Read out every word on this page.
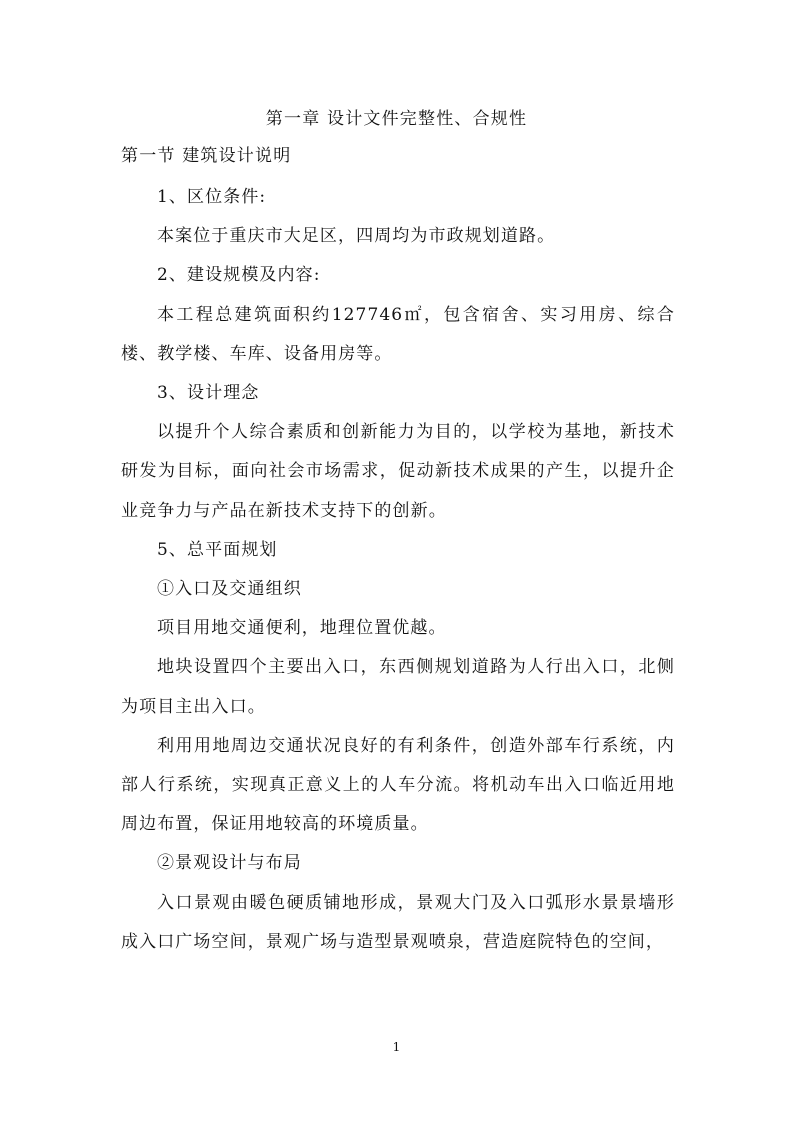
第一章 设计文件完整性、合规性
第一节 建筑设计说明

1、区位条件:

本案位于重庆市大足区，四周均为市政规划道路。

2、建设规模及内容:

本工程总建筑面积约127746㎡，包含宿舍、实习用房、综合楼、教学楼、车库、设备用房等。

3、设计理念

以提升个人综合素质和创新能力为目的，以学校为基地，新技术研发为目标，面向社会市场需求，促动新技术成果的产生，以提升企业竞争力与产品在新技术支持下的创新。

5、总平面规划

①入口及交通组织

项目用地交通便利，地理位置优越。

地块设置四个主要出入口，东西侧规划道路为人行出入口，北侧为项目主出入口。

利用用地周边交通状况良好的有利条件，创造外部车行系统，内部人行系统，实现真正意义上的人车分流。将机动车出入口临近用地周边布置，保证用地较高的环境质量。

②景观设计与布局

入口景观由暖色硬质铺地形成，景观大门及入口弧形水景景墙形成入口广场空间，景观广场与造型景观喷泉，营造庭院特色的空间，

1
